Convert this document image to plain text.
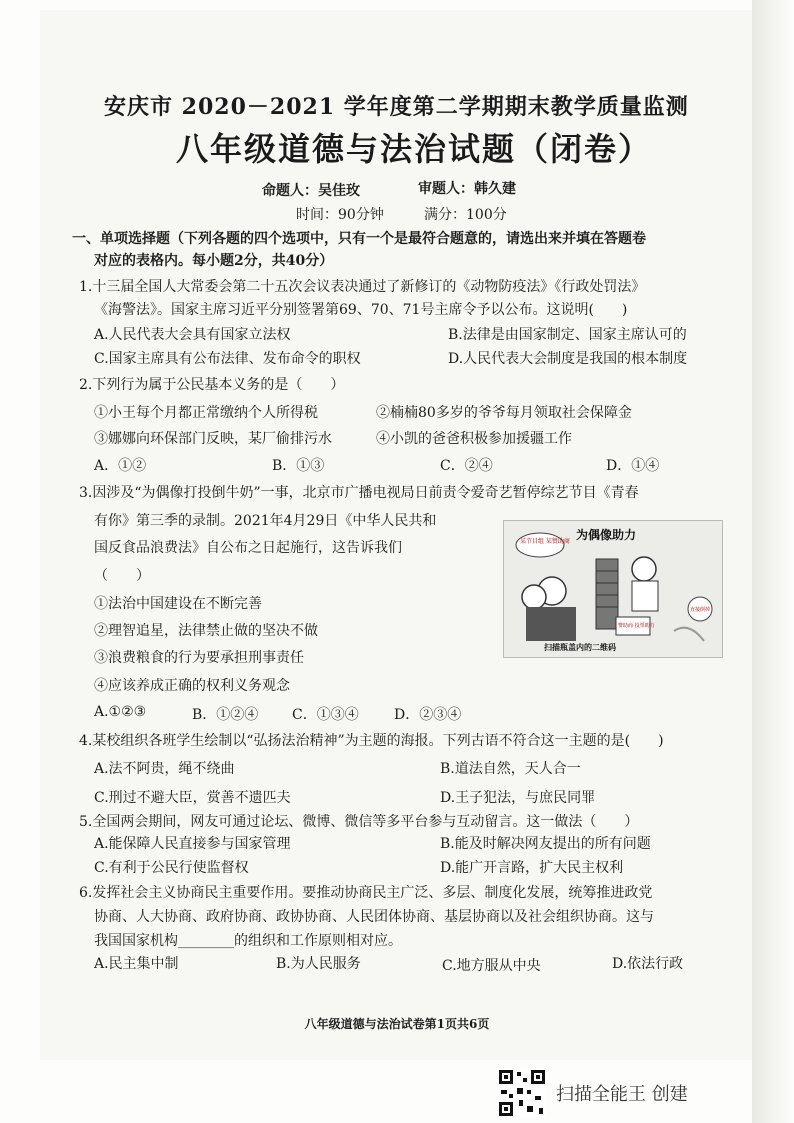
安庆市 2020－2021 学年度第二学期期末教学质量监测
八年级道德与法治试题（闭卷）
命题人：吴佳玫	审题人：韩久建
时间：90分钟	满分：100分
一、单项选择题（下列各题的四个选项中，只有一个是最符合题意的，请选出来并填在答题卷
对应的表格内。每小题2分，共40分）
1.十三届全国人大常委会第二十五次会议表决通过了新修订的《动物防疫法》《行政处罚法》
《海警法》。国家主席习近平分别签署第69、70、71号主席令予以公布。这说明(　　)
A.人民代表大会具有国家立法权	B.法律是由国家制定、国家主席认可的
C.国家主席具有公布法律、发布命令的职权	D.人民代表大会制度是我国的根本制度
2.下列行为属于公民基本义务的是（　　）
①小王每个月都正常缴纳个人所得税	②楠楠80多岁的爷爷每月领取社会保障金
③娜娜向环保部门反映，某厂偷排污水	④小凯的爸爸积极参加援疆工作
A．①②	B．①③	C．②④	D．①④
3.因涉及“为偶像打投倒牛奶”一事，北京市广播电视局日前责令爱奇艺暂停综艺节目《青春
有你》第三季的录制。2021年4月29日《中华人民共和
国反食品浪费法》自公布之日起施行，这告诉我们
（　　）
①法治中国建设在不断完善
②理智追星，法律禁止做的坚决不做
③浪费粮食的行为要承担刑事责任
④应该养成正确的权利义务观念
A.①②③	B．①②④ C．①③④	D．②③④
为偶像助力
某节目组 某赞助商
赞助商 投票助力
直接倒掉
扫描瓶盖内的二维码
4.某校组织各班学生绘制以“弘扬法治精神”为主题的海报。下列古语不符合这一主题的是(　　)
A.法不阿贵，绳不绕曲	B.道法自然，天人合一
C.刑过不避大臣，赏善不遗匹夫	D.王子犯法，与庶民同罪
5.全国两会期间，网友可通过论坛、微博、微信等多平台参与互动留言。这一做法（　　）
A.能保障人民直接参与国家管理	B.能及时解决网友提出的所有问题
C.有利于公民行使监督权	D.能广开言路，扩大民主权利
6.发挥社会主义协商民主重要作用。要推动协商民主广泛、多层、制度化发展，统筹推进政党
协商、人大协商、政府协商、政协协商、人民团体协商、基层协商以及社会组织协商。这与
我国国家机构________的组织和工作原则相对应。
A.民主集中制	B.为人民服务	C.地方服从中央	D.依法行政
八年级道德与法治试卷第1页共6页
扫描全能王 创建
